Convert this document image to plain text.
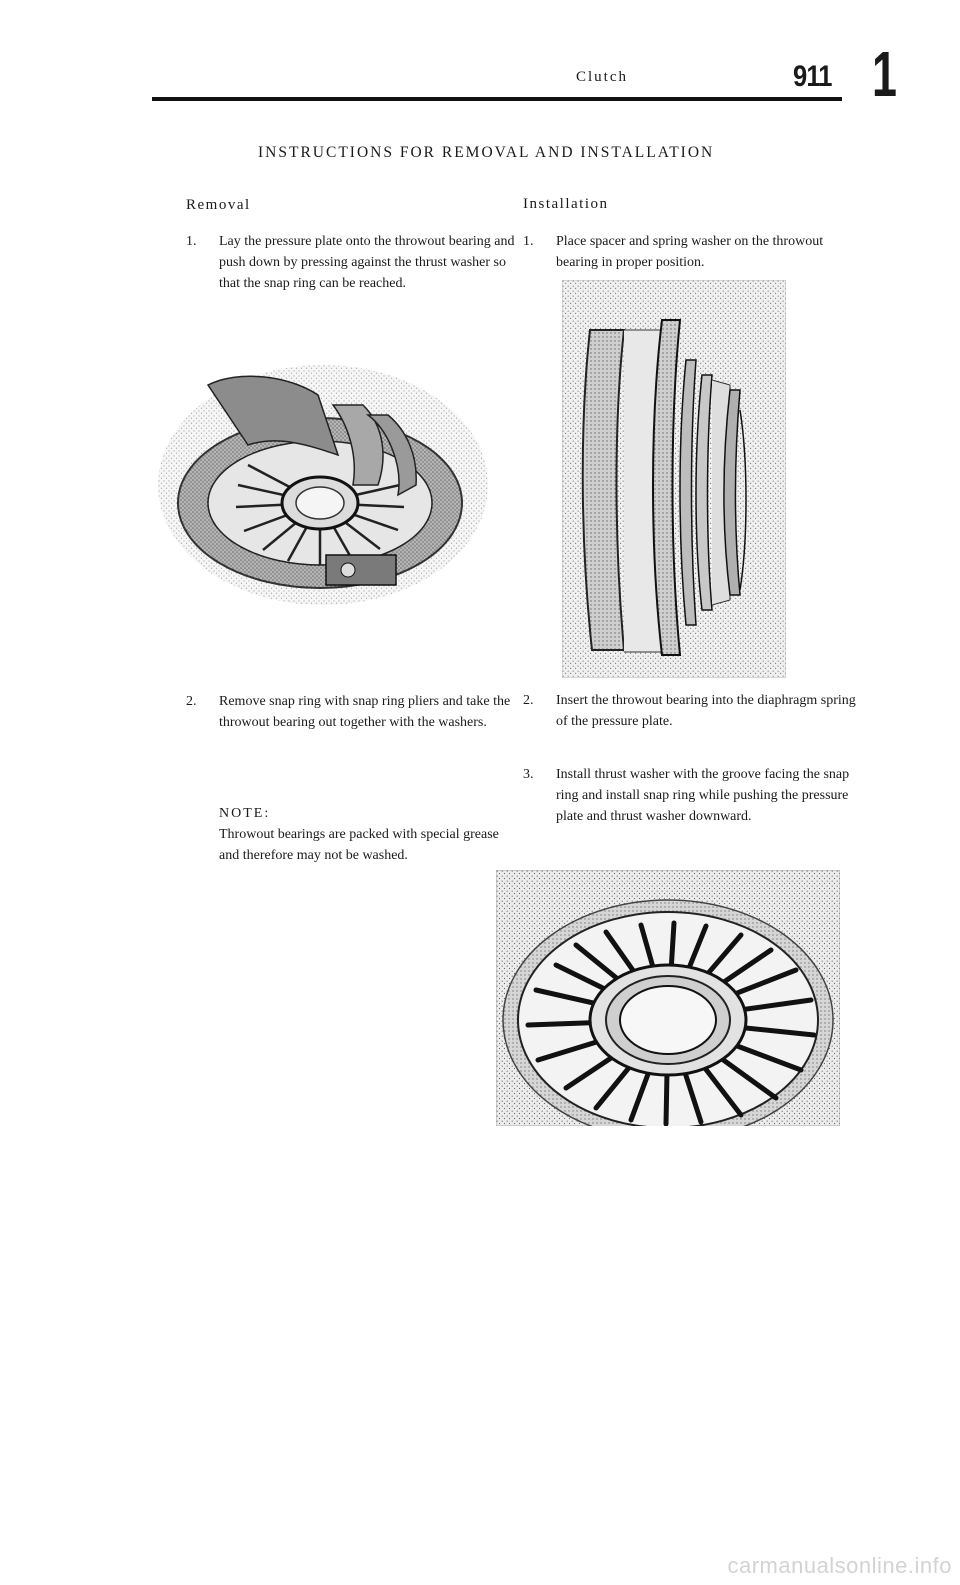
Clutch	911 1
INSTRUCTIONS FOR REMOVAL AND INSTALLATION
Removal
1. Lay the pressure plate onto the throwout bearing and push down by pressing against the thrust washer so that the snap ring can be reached.
2. Remove snap ring with snap ring pliers and take the throwout bearing out together with the washers.
NOTE:
Throwout bearings are packed with special grease and therefore may not be washed.
Installation
1. Place spacer and spring washer on the throwout bearing in proper position.
2. Insert the throwout bearing into the diaphragm spring of the pressure plate.
3. Install thrust washer with the groove facing the snap ring and install snap ring while pushing the pressure plate and thrust washer downward.
carmanualsonline.info
